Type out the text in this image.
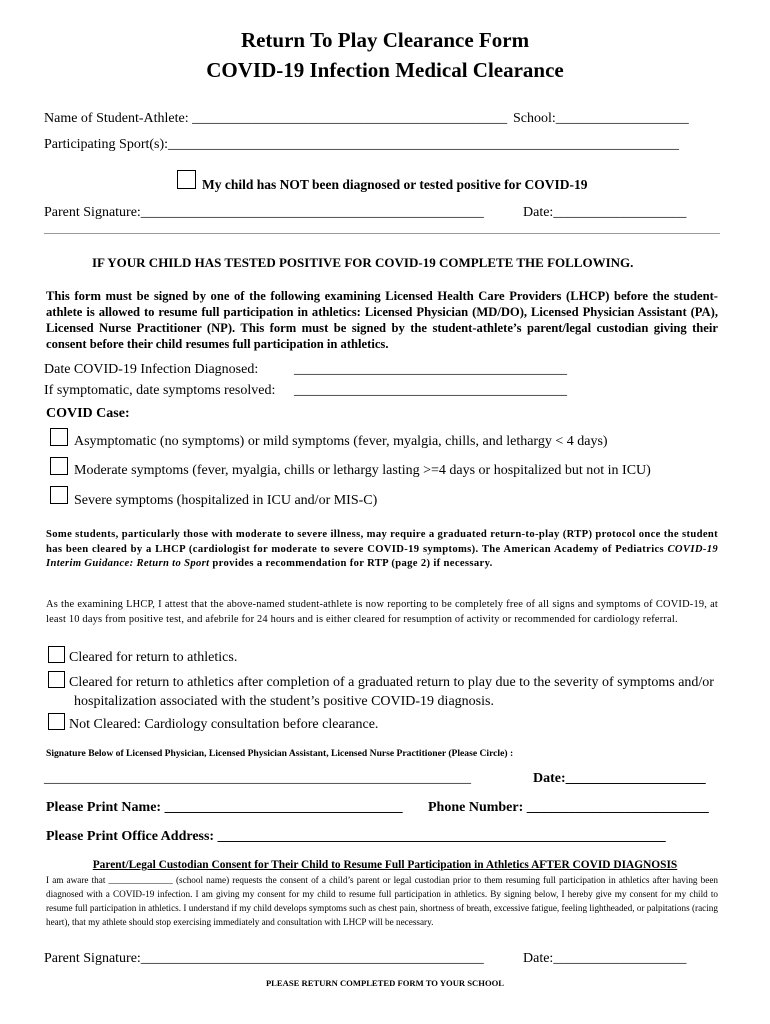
Return To Play Clearance Form
COVID-19 Infection Medical Clearance
Name of Student-Athlete: _____________________________________________ School:___________________
Participating Sport(s):_________________________________________________________________________
My child has NOT been diagnosed or tested positive for COVID-19
Parent Signature:_________________________________________________	Date:___________________
IF YOUR CHILD HAS TESTED POSITIVE FOR COVID-19 COMPLETE THE FOLLOWING.
This form must be signed by one of the following examining Licensed Health Care Providers (LHCP) before the student-athlete is allowed to resume full participation in athletics: Licensed Physician (MD/DO), Licensed Physician Assistant (PA), Licensed Nurse Practitioner (NP). This form must be signed by the student-athlete’s parent/legal custodian giving their consent before their child resumes full participation in athletics.
Date COVID-19 Infection Diagnosed:	_______________________________________
If symptomatic, date symptoms resolved: _______________________________________
COVID Case:
Asymptomatic (no symptoms) or mild symptoms (fever, myalgia, chills, and lethargy < 4 days)
Moderate symptoms (fever, myalgia, chills or lethargy lasting >=4 days or hospitalized but not in ICU)
Severe symptoms (hospitalized in ICU and/or MIS-C)
Some students, particularly those with moderate to severe illness, may require a graduated return-to-play (RTP) protocol once the student has been cleared by a LHCP (cardiologist for moderate to severe COVID-19 symptoms). The American Academy of Pediatrics COVID-19 Interim Guidance: Return to Sport provides a recommendation for RTP (page 2) if necessary.
As the examining LHCP, I attest that the above-named student-athlete is now reporting to be completely free of all signs and symptoms of COVID-19, at least 10 days from positive test, and afebrile for 24 hours and is either cleared for resumption of activity or recommended for cardiology referral.
Cleared for return to athletics.
Cleared for return to athletics after completion of a graduated return to play due to the severity of symptoms and/or
hospitalization associated with the student’s positive COVID-19 diagnosis.
Not Cleared: Cardiology consultation before clearance.
Signature Below of Licensed Physician, Licensed Physician Assistant, Licensed Nurse Practitioner (Please Circle) :
_____________________________________________________________	Date:____________________
Please Print Name: __________________________________ Phone Number: __________________________
Please Print Office Address: ________________________________________________________________
Parent/Legal Custodian Consent for Their Child to Resume Full Participation in Athletics AFTER COVID DIAGNOSIS
I am aware that ______________ (school name) requests the consent of a child’s parent or legal custodian prior to them resuming full participation in athletics after having been diagnosed with a COVID-19 infection. I am giving my consent for my child to resume full participation in athletics. By signing below, I hereby give my consent for my child to resume full participation in athletics. I understand if my child develops symptoms such as chest pain, shortness of breath, excessive fatigue, feeling lightheaded, or palpitations (racing heart), that my athlete should stop exercising immediately and consultation with LHCP will be necessary.
Parent Signature:_________________________________________________	Date:___________________
PLEASE RETURN COMPLETED FORM TO YOUR SCHOOL
